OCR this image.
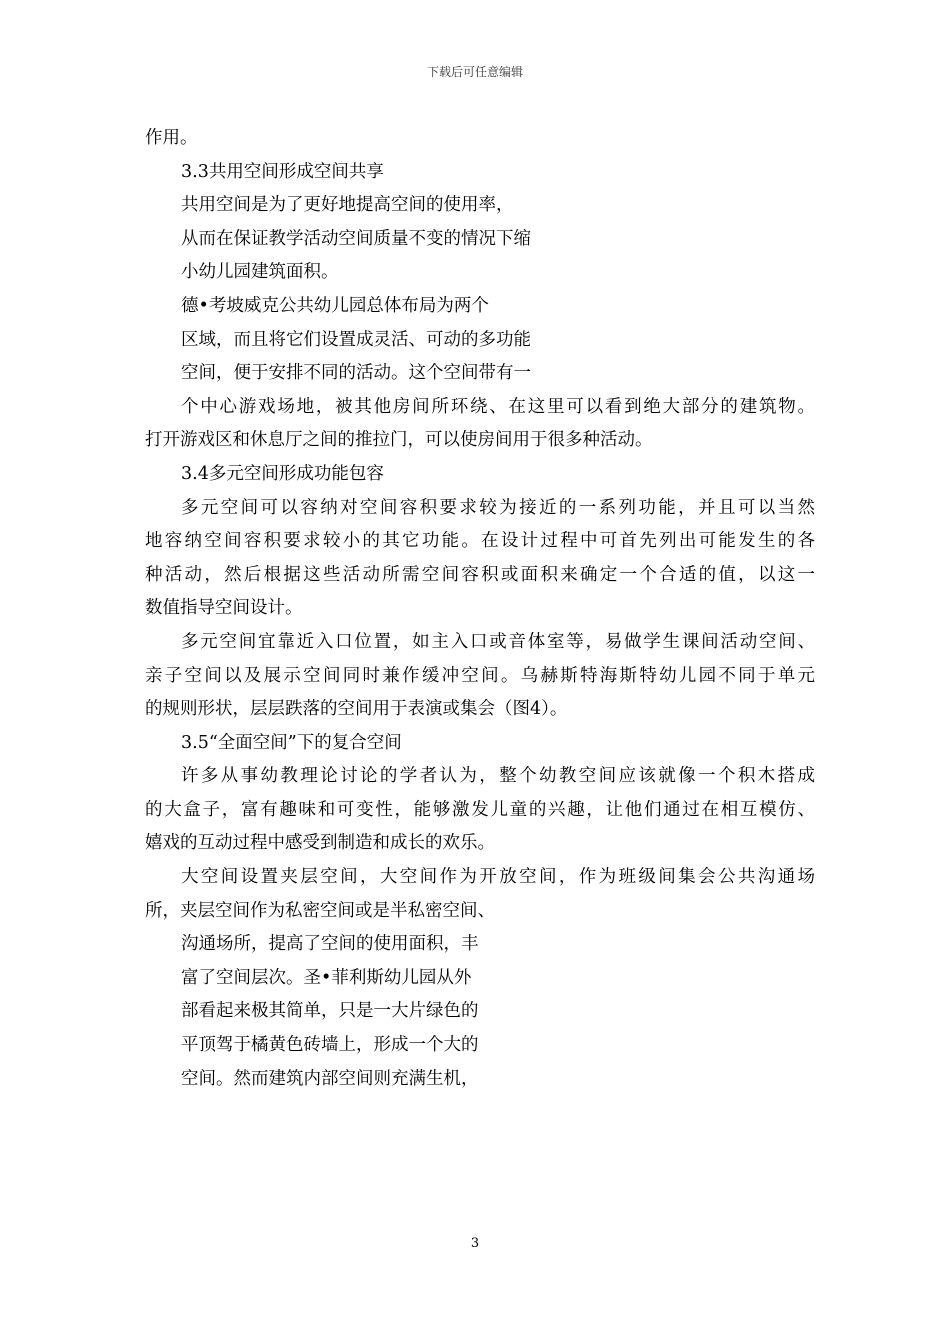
下载后可任意编辑
作用。
3.3共用空间形成空间共享
共用空间是为了更好地提高空间的使用率，
从而在保证教学活动空间质量不变的情况下缩
小幼儿园建筑面积。
德•考坡威克公共幼儿园总体布局为两个
区域，而且将它们设置成灵活、可动的多功能
空间，便于安排不同的活动。这个空间带有一
个中心游戏场地，被其他房间所环绕、在这里可以看到绝大部分的建筑物。
打开游戏区和休息厅之间的推拉门，可以使房间用于很多种活动。
3.4多元空间形成功能包容
多元空间可以容纳对空间容积要求较为接近的一系列功能，并且可以当然
地容纳空间容积要求较小的其它功能。在设计过程中可首先列出可能发生的各
种活动，然后根据这些活动所需空间容积或面积来确定一个合适的值，以这一
数值指导空间设计。
多元空间宜靠近入口位置，如主入口或音体室等，易做学生课间活动空间、
亲子空间以及展示空间同时兼作缓冲空间。乌赫斯特海斯特幼儿园不同于单元
的规则形状，层层跌落的空间用于表演或集会（图4）。
3.5“全面空间”下的复合空间
许多从事幼教理论讨论的学者认为，整个幼教空间应该就像一个积木搭成
的大盒子，富有趣味和可变性，能够激发儿童的兴趣，让他们通过在相互模仿、
嬉戏的互动过程中感受到制造和成长的欢乐。
大空间设置夹层空间，大空间作为开放空间，作为班级间集会公共沟通场
所，夹层空间作为私密空间或是半私密空间、
沟通场所，提高了空间的使用面积，丰
富了空间层次。圣•菲利斯幼儿园从外
部看起来极其简单，只是一大片绿色的
平顶驾于橘黄色砖墙上，形成一个大的
空间。然而建筑内部空间则充满生机，
3
